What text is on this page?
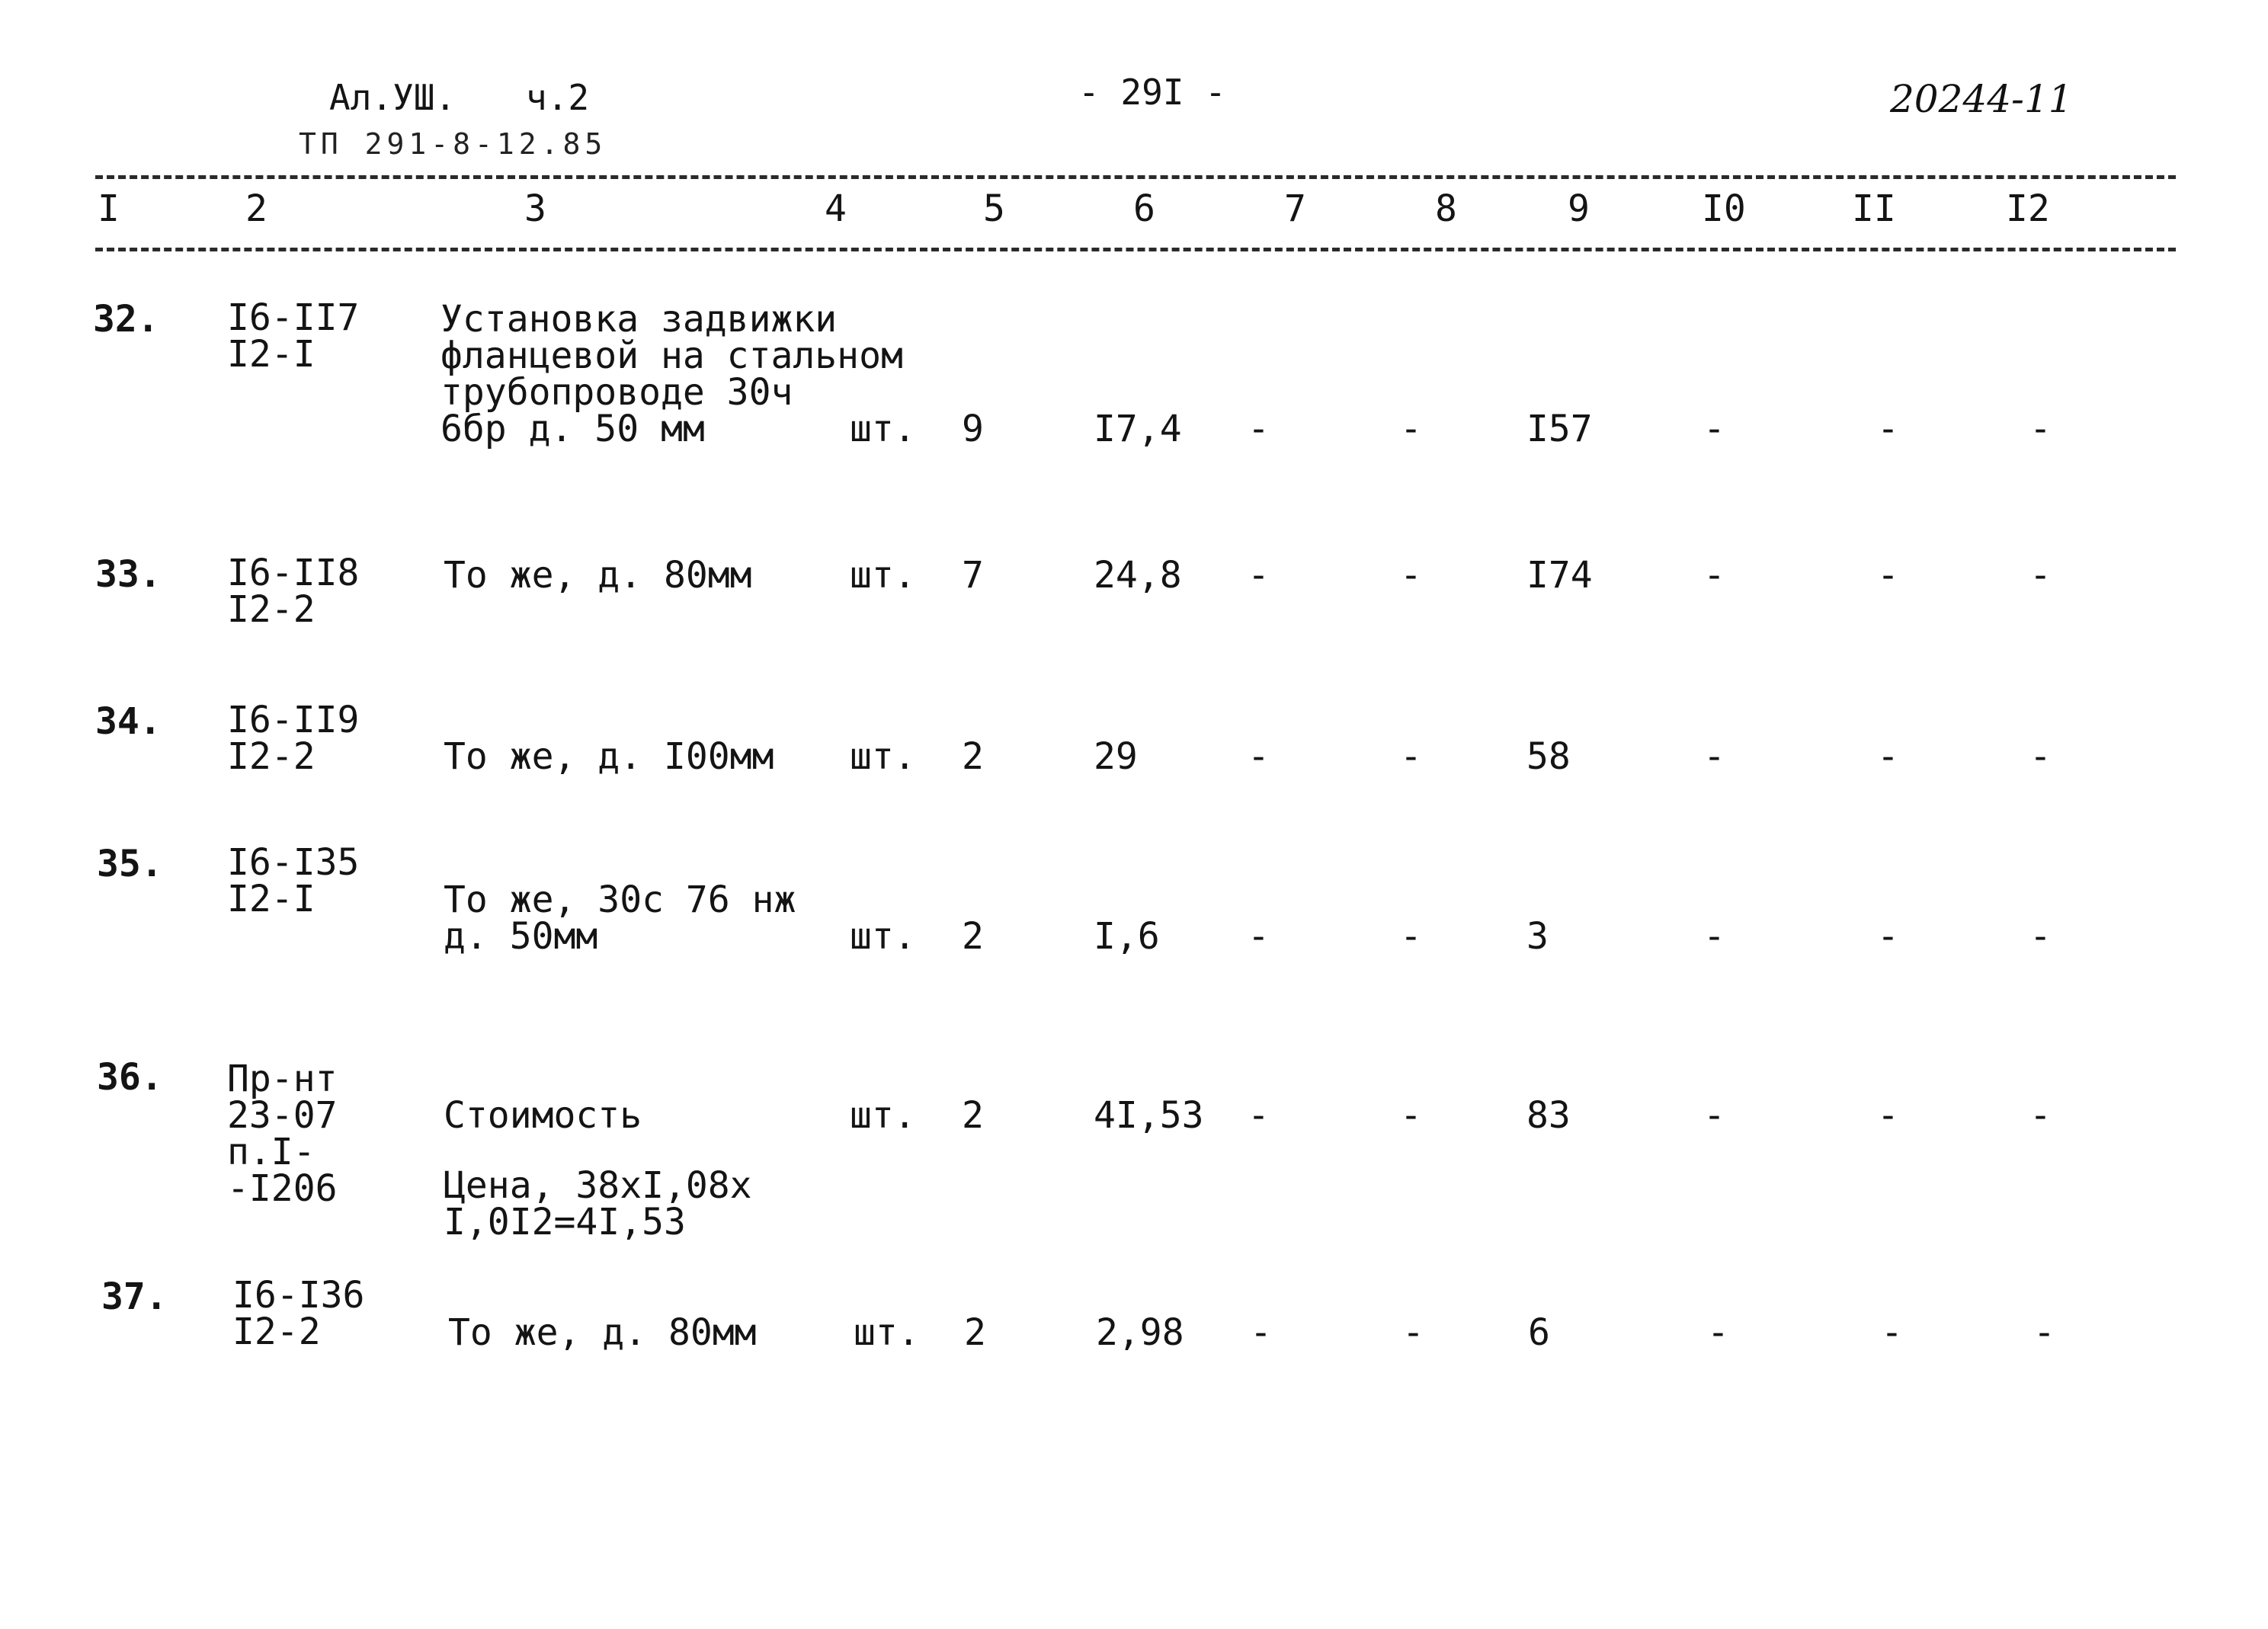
Ал.УШ. ч.2	- 29I -
ТП 291-8-12.85
20244-11
I	2	3	4	5	6	7	8	9	I0	II	I2
32. I6-II7
I2-I
Установка задвижки
фланцевой на стальном
трубопроводе 30ч
6бр д. 50 мм	шт. 9	I7,4 -	-	I57	-	-	-
33. I6-II8
I2-2
То же, д. 80мм	шт. 7	24,8 -	-	I74	-	-	-
34. I6-II9
I2-2	То же, д. I00мм шт. 2	29	-	-	58	-	-	-
35. I6-I35
I2-I	То же, 30с 76 нж
д. 50мм	шт. 2	I,6 -	-	3	-	-	-
36. Пр-нт
23-07
п.I-
-I206
Стоимость
Цена, 38хI,08х
I,0I2=4I,53
шт. 2	4I,53 -	-	83	-	-	-
37. I6-I36
I2-2	То же, д. 80мм	шт. 2	2,98 -	-	6	-	-	-
